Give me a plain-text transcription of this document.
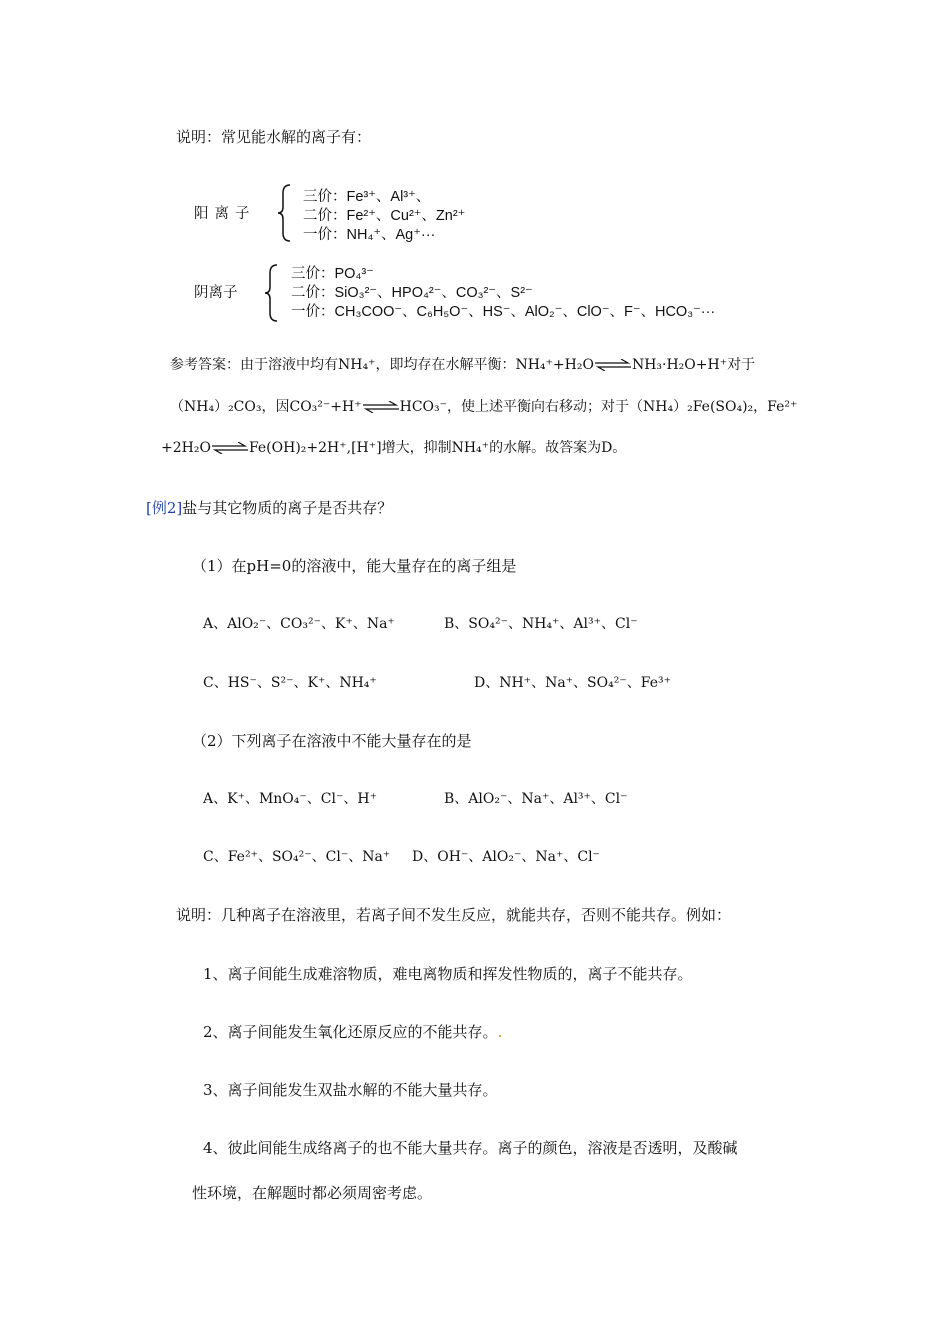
说明：常见能水解的离子有：
阳 离 子
三价：Fe³⁺、Al³⁺、
二价：Fe²⁺、Cu²⁺、Zn²⁺
一价：NH₄⁺、Ag⁺···
阴离子
三价：PO₄³⁻
二价：SiO₃²⁻、HPO₄²⁻、CO₃²⁻、S²⁻
一价：CH₃COO⁻、C₆H₅O⁻、HS⁻、AlO₂⁻、ClO⁻、F⁻、HCO₃⁻···
参考答案：由于溶液中均有NH₄⁺，即均存在水解平衡：NH₄⁺+H₂O⇌NH₃·H₂O+H⁺对于
（NH₄）₂CO₃，因CO₃²⁻+H⁺⇌HCO₃⁻，使上述平衡向右移动；对于（NH₄）₂Fe(SO₄)₂，Fe²⁺
+2H₂O⇌Fe(OH)₂+2H⁺,[H⁺]增大，抑制NH₄⁺的水解。故答案为D。
[例2]盐与其它物质的离子是否共存？
（1）在pH=0的溶液中，能大量存在的离子组是
A、AlO₂⁻、CO₃²⁻、K⁺、Na⁺	B、SO₄²⁻、NH₄⁺、Al³⁺、Cl⁻
C、HS⁻、S²⁻、K⁺、NH₄⁺	D、NH⁺、Na⁺、SO₄²⁻、Fe³⁺
（2）下列离子在溶液中不能大量存在的是
A、K⁺、MnO₄⁻、Cl⁻、H⁺	B、AlO₂⁻、Na⁺、Al³⁺、Cl⁻
C、Fe²⁺、SO₄²⁻、Cl⁻、Na⁺ D、OH⁻、AlO₂⁻、Na⁺、Cl⁻
说明：几种离子在溶液里，若离子间不发生反应，就能共存，否则不能共存。例如：
1、离子间能生成难溶物质，难电离物质和挥发性物质的，离子不能共存。
2、离子间能发生氧化还原反应的不能共存。.
3、离子间能发生双盐水解的不能大量共存。
4、彼此间能生成络离子的也不能大量共存。离子的颜色，溶液是否透明，及酸碱
性环境，在解题时都必须周密考虑。
